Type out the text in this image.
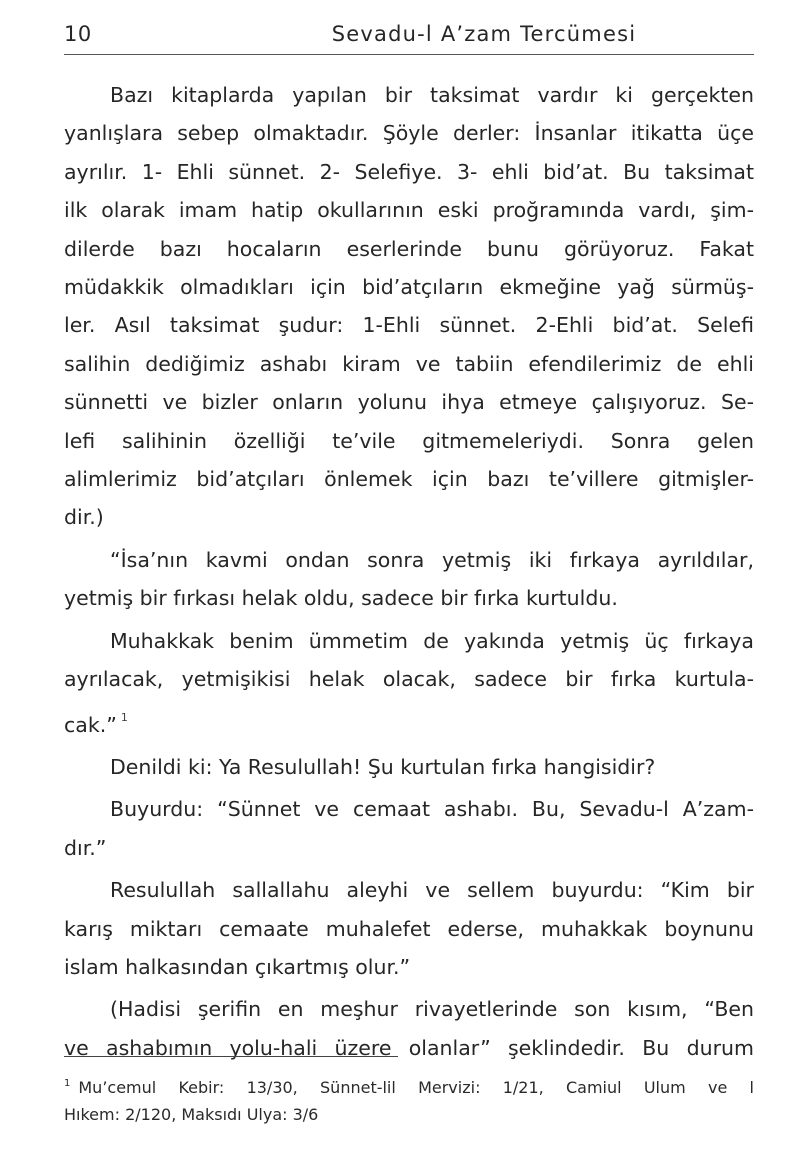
10	Sevadu-l A’zam Tercümesi

Bazı kitaplarda yapılan bir taksimat vardır ki gerçekten
yanlışlara sebep olmaktadır. Şöyle derler: İnsanlar itikatta üçe
ayrılır. 1- Ehli sünnet. 2- Selefiye. 3- ehli bid’at. Bu taksimat
ilk olarak imam hatip okullarının eski proğramında vardı, şim-
dilerde bazı hocaların eserlerinde bunu görüyoruz. Fakat
müdakkik olmadıkları için bid’atçıların ekmeğine yağ sürmüş-
ler. Asıl taksimat şudur: 1-Ehli sünnet. 2-Ehli bid’at. Selefi
salihin dediğimiz ashabı kiram ve tabiin efendilerimiz de ehli
sünnetti ve bizler onların yolunu ihya etmeye çalışıyoruz. Se-
lefi salihinin özelliği te’vile gitmemeleriydi. Sonra gelen
alimlerimiz bid’atçıları önlemek için bazı te’villere gitmişler-
dir.)

“İsa’nın kavmi ondan sonra yetmiş iki fırkaya ayrıldılar,
yetmiş bir fırkası helak oldu, sadece bir fırka kurtuldu.

Muhakkak benim ümmetim de yakında yetmiş üç fırkaya
ayrılacak, yetmişikisi helak olacak, sadece bir fırka kurtula-
cak.” $^1$

Denildi ki: Ya Resulullah! Şu kurtulan fırka hangisidir?

Buyurdu: “Sünnet ve cemaat ashabı. Bu, Sevadu-l A’zam-
dır.”

Resulullah sallallahu aleyhi ve sellem buyurdu: “Kim bir
karış miktarı cemaate muhalefet ederse, muhakkak boynunu
islam halkasından çıkartmış olur.”

(Hadisi şerifin en meşhur rivayetlerinde son kısım, “Ben
ve ashabımın yolu-hali üzere olanlar” şeklindedir. Bu durum

$^1$ Mu’cemul Kebir: 13/30, Sünnet-lil Mervizi: 1/21, Camiul Ulum ve l
Hıkem: 2/120, Maksıdı Ulya: 3/6
